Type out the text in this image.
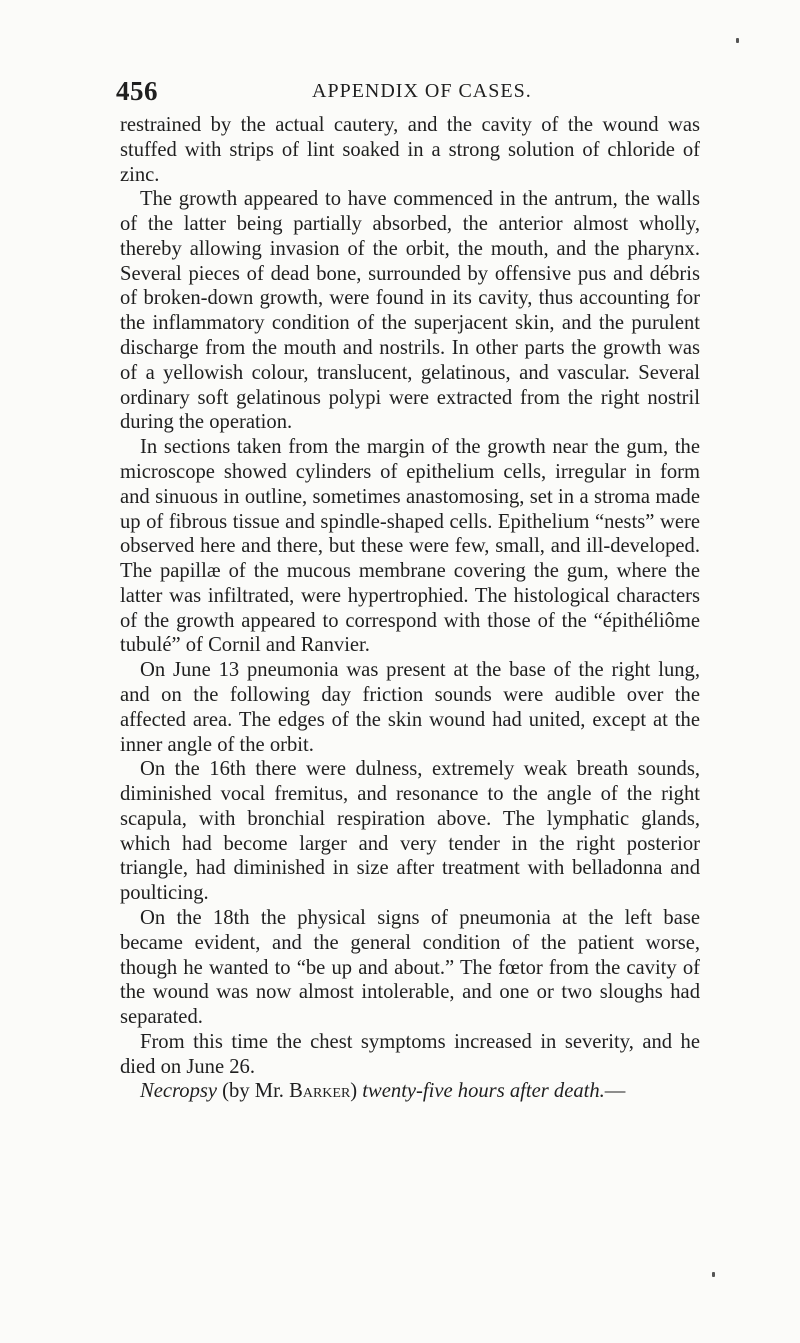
456	APPENDIX OF CASES.

restrained by the actual cautery, and the cavity of the wound was stuffed with strips of lint soaked in a strong solution of chloride of zinc.

The growth appeared to have commenced in the antrum, the walls of the latter being partially absorbed, the anterior almost wholly, thereby allowing invasion of the orbit, the mouth, and the pharynx. Several pieces of dead bone, surrounded by offensive pus and débris of broken-down growth, were found in its cavity, thus accounting for the inflammatory condition of the superjacent skin, and the purulent discharge from the mouth and nostrils. In other parts the growth was of a yellowish colour, translucent, gelatinous, and vascular. Several ordinary soft gelatinous polypi were extracted from the right nostril during the operation.

In sections taken from the margin of the growth near the gum, the microscope showed cylinders of epithelium cells, irregular in form and sinuous in outline, sometimes anastomosing, set in a stroma made up of fibrous tissue and spindle-shaped cells. Epithelium “nests” were observed here and there, but these were few, small, and ill-developed. The papillæ of the mucous membrane covering the gum, where the latter was infiltrated, were hypertrophied. The histological characters of the growth appeared to correspond with those of the “épithéliôme tubulé” of Cornil and Ranvier.

On June 13 pneumonia was present at the base of the right lung, and on the following day friction sounds were audible over the affected area. The edges of the skin wound had united, except at the inner angle of the orbit.

On the 16th there were dulness, extremely weak breath sounds, diminished vocal fremitus, and resonance to the angle of the right scapula, with bronchial respiration above. The lymphatic glands, which had become larger and very tender in the right posterior triangle, had diminished in size after treatment with belladonna and poulticing.

On the 18th the physical signs of pneumonia at the left base became evident, and the general condition of the patient worse, though he wanted to “be up and about.” The fœtor from the cavity of the wound was now almost intolerable, and one or two sloughs had separated.

From this time the chest symptoms increased in severity, and he died on June 26.

Necropsy (by Mr. Barker) twenty-five hours after death.—
